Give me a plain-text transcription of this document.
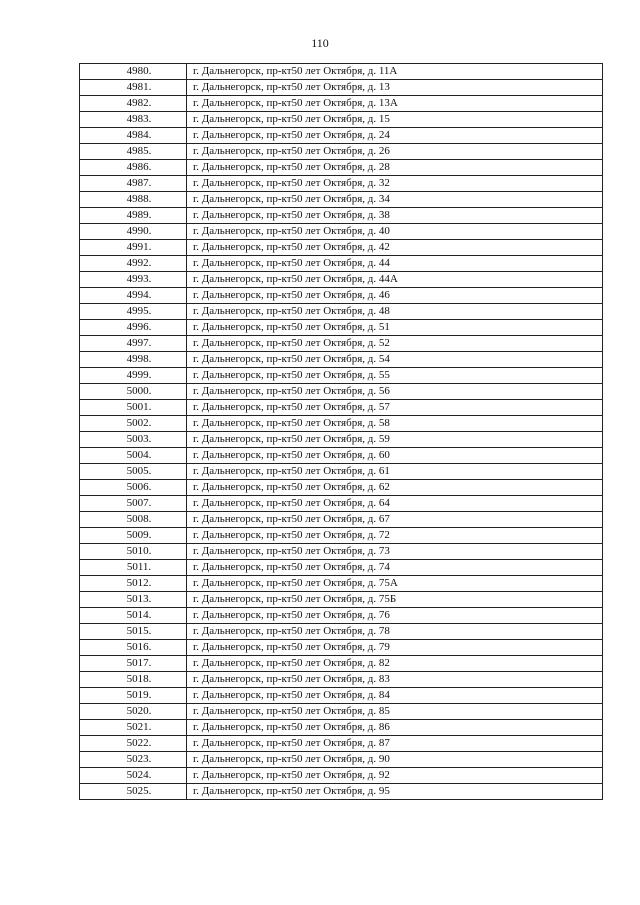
110
4980.	г. Дальнегорск, пр-кт50 лет Октября, д. 11А
4981.	г. Дальнегорск, пр-кт50 лет Октября, д. 13
4982.	г. Дальнегорск, пр-кт50 лет Октября, д. 13А
4983.	г. Дальнегорск, пр-кт50 лет Октября, д. 15
4984.	г. Дальнегорск, пр-кт50 лет Октября, д. 24
4985.	г. Дальнегорск, пр-кт50 лет Октября, д. 26
4986.	г. Дальнегорск, пр-кт50 лет Октября, д. 28
4987.	г. Дальнегорск, пр-кт50 лет Октября, д. 32
4988.	г. Дальнегорск, пр-кт50 лет Октября, д. 34
4989.	г. Дальнегорск, пр-кт50 лет Октября, д. 38
4990.	г. Дальнегорск, пр-кт50 лет Октября, д. 40
4991.	г. Дальнегорск, пр-кт50 лет Октября, д. 42
4992.	г. Дальнегорск, пр-кт50 лет Октября, д. 44
4993.	г. Дальнегорск, пр-кт50 лет Октября, д. 44А
4994.	г. Дальнегорск, пр-кт50 лет Октября, д. 46
4995.	г. Дальнегорск, пр-кт50 лет Октября, д. 48
4996.	г. Дальнегорск, пр-кт50 лет Октября, д. 51
4997.	г. Дальнегорск, пр-кт50 лет Октября, д. 52
4998.	г. Дальнегорск, пр-кт50 лет Октября, д. 54
4999.	г. Дальнегорск, пр-кт50 лет Октября, д. 55
5000.	г. Дальнегорск, пр-кт50 лет Октября, д. 56
5001.	г. Дальнегорск, пр-кт50 лет Октября, д. 57
5002.	г. Дальнегорск, пр-кт50 лет Октября, д. 58
5003.	г. Дальнегорск, пр-кт50 лет Октября, д. 59
5004.	г. Дальнегорск, пр-кт50 лет Октября, д. 60
5005.	г. Дальнегорск, пр-кт50 лет Октября, д. 61
5006.	г. Дальнегорск, пр-кт50 лет Октября, д. 62
5007.	г. Дальнегорск, пр-кт50 лет Октября, д. 64
5008.	г. Дальнегорск, пр-кт50 лет Октября, д. 67
5009.	г. Дальнегорск, пр-кт50 лет Октября, д. 72
5010.	г. Дальнегорск, пр-кт50 лет Октября, д. 73
5011.	г. Дальнегорск, пр-кт50 лет Октября, д. 74
5012.	г. Дальнегорск, пр-кт50 лет Октября, д. 75А
5013.	г. Дальнегорск, пр-кт50 лет Октября, д. 75Б
5014.	г. Дальнегорск, пр-кт50 лет Октября, д. 76
5015.	г. Дальнегорск, пр-кт50 лет Октября, д. 78
5016.	г. Дальнегорск, пр-кт50 лет Октября, д. 79
5017.	г. Дальнегорск, пр-кт50 лет Октября, д. 82
5018.	г. Дальнегорск, пр-кт50 лет Октября, д. 83
5019.	г. Дальнегорск, пр-кт50 лет Октября, д. 84
5020.	г. Дальнегорск, пр-кт50 лет Октября, д. 85
5021.	г. Дальнегорск, пр-кт50 лет Октября, д. 86
5022.	г. Дальнегорск, пр-кт50 лет Октября, д. 87
5023.	г. Дальнегорск, пр-кт50 лет Октября, д. 90
5024.	г. Дальнегорск, пр-кт50 лет Октября, д. 92
5025.	г. Дальнегорск, пр-кт50 лет Октября, д. 95
